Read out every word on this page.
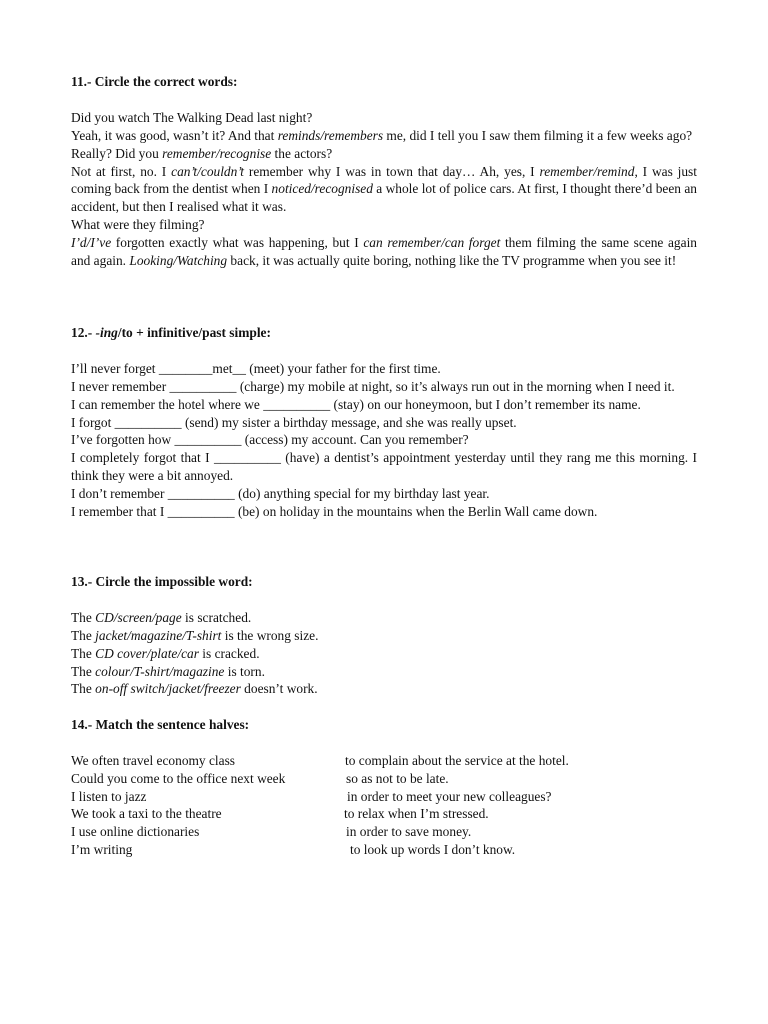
11.- Circle the correct words:

Did you watch The Walking Dead last night?

Yeah, it was good, wasn’t it? And that reminds/remembers me, did I tell you I saw them filming it a few weeks ago?

Really? Did you remember/recognise the actors?

Not at first, no. I can’t/couldn’t remember why I was in town that day… Ah, yes, I remember/remind, I was just coming back from the dentist when I noticed/recognised a whole lot of police cars. At first, I thought there’d been an accident, but then I realised what it was.

What were they filming?

I’d/I’ve forgotten exactly what was happening, but I can remember/can forget them filming the same scene again and again. Looking/Watching back, it was actually quite boring, nothing like the TV programme when you see it!

12.- -ing/to + infinitive/past simple:

I’ll never forget ________met__ (meet) your father for the first time.

I never remember __________ (charge) my mobile at night, so it’s always run out in the morning when I need it.

I can remember the hotel where we __________ (stay) on our honeymoon, but I don’t remember its name.

I forgot __________ (send) my sister a birthday message, and she was really upset.

I’ve forgotten how __________ (access) my account. Can you remember?

I completely forgot that I __________ (have) a dentist’s appointment yesterday until they rang me this morning. I think they were a bit annoyed.

I don’t remember __________ (do) anything special for my birthday last year.

I remember that I __________ (be) on holiday in the mountains when the Berlin Wall came down.

13.- Circle the impossible word:

The CD/screen/page is scratched.

The jacket/magazine/T-shirt is the wrong size.

The CD cover/plate/car is cracked.

The colour/T-shirt/magazine is torn.

The on-off switch/jacket/freezer doesn’t work.

14.- Match the sentence halves:

We often travel economy class	to complain about the service at the hotel.
Could you come to the office next week	so as not to be late.
I listen to jazz	in order to meet your new colleagues?
We took a taxi to the theatre	to relax when I’m stressed.
I use online dictionaries	in order to save money.
I’m writing	to look up words I don’t know.
